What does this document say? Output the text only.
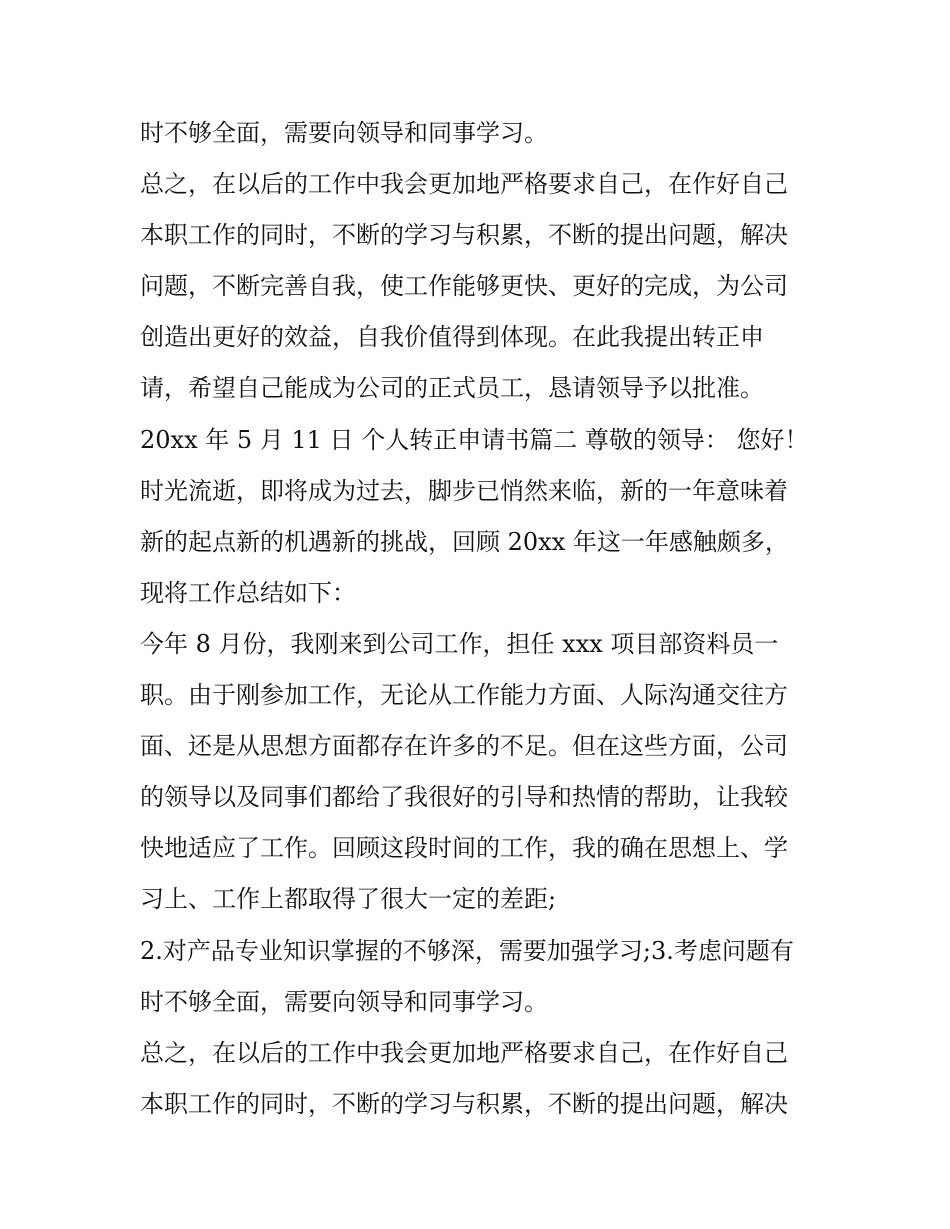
时不够全面，需要向领导和同事学习。
总之，在以后的工作中我会更加地严格要求自己，在作好自己
本职工作的同时，不断的学习与积累，不断的提出问题，解决
问题，不断完善自我，使工作能够更快、更好的完成，为公司
创造出更好的效益，自我价值得到体现。在此我提出转正申
请，希望自己能成为公司的正式员工，恳请领导予以批准。
20xx 年 5 月 11 日 个人转正申请书篇二 尊敬的领导： 您好！
时光流逝，即将成为过去，脚步已悄然来临，新的一年意味着
新的起点新的机遇新的挑战，回顾 20xx 年这一年感触颇多，
现将工作总结如下：
今年 8 月份，我刚来到公司工作，担任 xxx 项目部资料员一
职。由于刚参加工作，无论从工作能力方面、人际沟通交往方
面、还是从思想方面都存在许多的不足。但在这些方面，公司
的领导以及同事们都给了我很好的引导和热情的帮助，让我较
快地适应了工作。回顾这段时间的工作，我的确在思想上、学
习上、工作上都取得了很大一定的差距;
2.对产品专业知识掌握的不够深，需要加强学习;3.考虑问题有
时不够全面，需要向领导和同事学习。
总之，在以后的工作中我会更加地严格要求自己，在作好自己
本职工作的同时，不断的学习与积累，不断的提出问题，解决
